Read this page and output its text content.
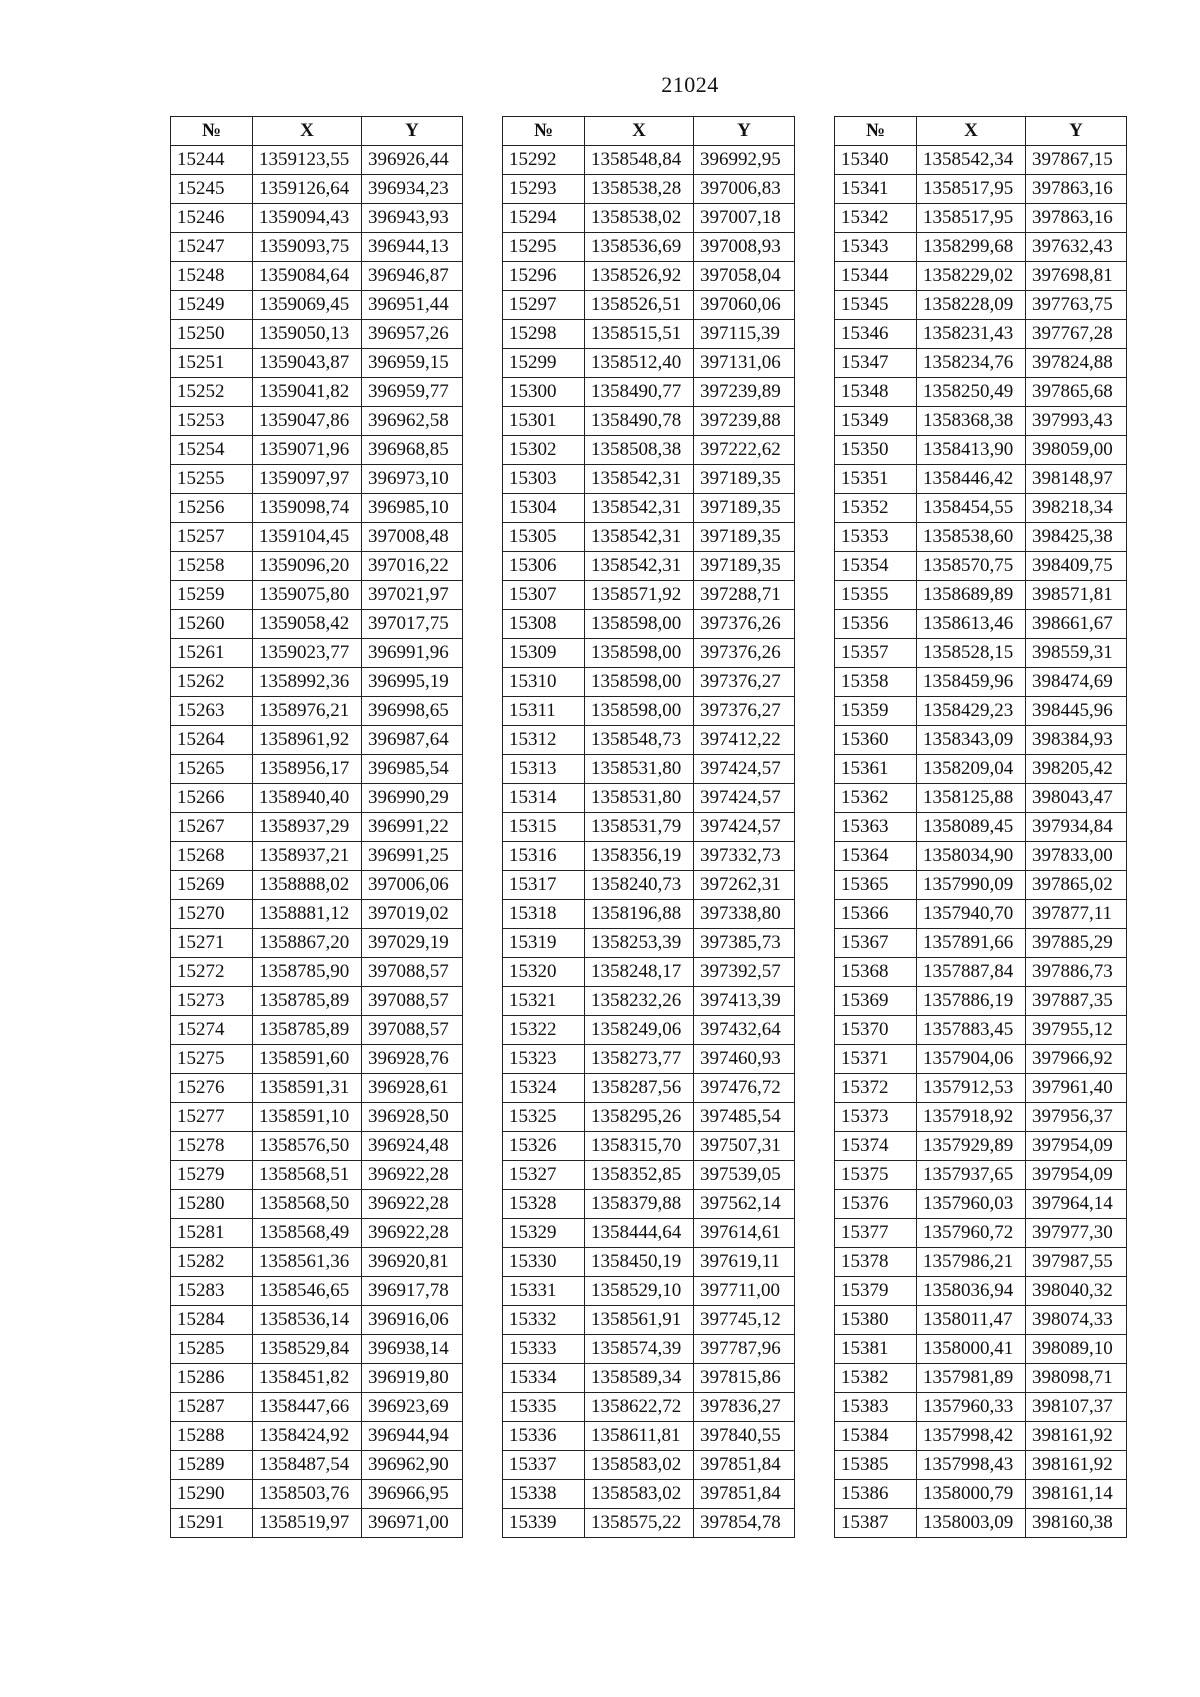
21024
№	X	Y
15244	1359123,55	396926,44
15245	1359126,64	396934,23
15246	1359094,43	396943,93
15247	1359093,75	396944,13
15248	1359084,64	396946,87
15249	1359069,45	396951,44
15250	1359050,13	396957,26
15251	1359043,87	396959,15
15252	1359041,82	396959,77
15253	1359047,86	396962,58
15254	1359071,96	396968,85
15255	1359097,97	396973,10
15256	1359098,74	396985,10
15257	1359104,45	397008,48
15258	1359096,20	397016,22
15259	1359075,80	397021,97
15260	1359058,42	397017,75
15261	1359023,77	396991,96
15262	1358992,36	396995,19
15263	1358976,21	396998,65
15264	1358961,92	396987,64
15265	1358956,17	396985,54
15266	1358940,40	396990,29
15267	1358937,29	396991,22
15268	1358937,21	396991,25
15269	1358888,02	397006,06
15270	1358881,12	397019,02
15271	1358867,20	397029,19
15272	1358785,90	397088,57
15273	1358785,89	397088,57
15274	1358785,89	397088,57
15275	1358591,60	396928,76
15276	1358591,31	396928,61
15277	1358591,10	396928,50
15278	1358576,50	396924,48
15279	1358568,51	396922,28
15280	1358568,50	396922,28
15281	1358568,49	396922,28
15282	1358561,36	396920,81
15283	1358546,65	396917,78
15284	1358536,14	396916,06
15285	1358529,84	396938,14
15286	1358451,82	396919,80
15287	1358447,66	396923,69
15288	1358424,92	396944,94
15289	1358487,54	396962,90
15290	1358503,76	396966,95
15291	1358519,97	396971,00
№	X	Y
15292	1358548,84	396992,95
15293	1358538,28	397006,83
15294	1358538,02	397007,18
15295	1358536,69	397008,93
15296	1358526,92	397058,04
15297	1358526,51	397060,06
15298	1358515,51	397115,39
15299	1358512,40	397131,06
15300	1358490,77	397239,89
15301	1358490,78	397239,88
15302	1358508,38	397222,62
15303	1358542,31	397189,35
15304	1358542,31	397189,35
15305	1358542,31	397189,35
15306	1358542,31	397189,35
15307	1358571,92	397288,71
15308	1358598,00	397376,26
15309	1358598,00	397376,26
15310	1358598,00	397376,27
15311	1358598,00	397376,27
15312	1358548,73	397412,22
15313	1358531,80	397424,57
15314	1358531,80	397424,57
15315	1358531,79	397424,57
15316	1358356,19	397332,73
15317	1358240,73	397262,31
15318	1358196,88	397338,80
15319	1358253,39	397385,73
15320	1358248,17	397392,57
15321	1358232,26	397413,39
15322	1358249,06	397432,64
15323	1358273,77	397460,93
15324	1358287,56	397476,72
15325	1358295,26	397485,54
15326	1358315,70	397507,31
15327	1358352,85	397539,05
15328	1358379,88	397562,14
15329	1358444,64	397614,61
15330	1358450,19	397619,11
15331	1358529,10	397711,00
15332	1358561,91	397745,12
15333	1358574,39	397787,96
15334	1358589,34	397815,86
15335	1358622,72	397836,27
15336	1358611,81	397840,55
15337	1358583,02	397851,84
15338	1358583,02	397851,84
15339	1358575,22	397854,78
№	X	Y
15340	1358542,34	397867,15
15341	1358517,95	397863,16
15342	1358517,95	397863,16
15343	1358299,68	397632,43
15344	1358229,02	397698,81
15345	1358228,09	397763,75
15346	1358231,43	397767,28
15347	1358234,76	397824,88
15348	1358250,49	397865,68
15349	1358368,38	397993,43
15350	1358413,90	398059,00
15351	1358446,42	398148,97
15352	1358454,55	398218,34
15353	1358538,60	398425,38
15354	1358570,75	398409,75
15355	1358689,89	398571,81
15356	1358613,46	398661,67
15357	1358528,15	398559,31
15358	1358459,96	398474,69
15359	1358429,23	398445,96
15360	1358343,09	398384,93
15361	1358209,04	398205,42
15362	1358125,88	398043,47
15363	1358089,45	397934,84
15364	1358034,90	397833,00
15365	1357990,09	397865,02
15366	1357940,70	397877,11
15367	1357891,66	397885,29
15368	1357887,84	397886,73
15369	1357886,19	397887,35
15370	1357883,45	397955,12
15371	1357904,06	397966,92
15372	1357912,53	397961,40
15373	1357918,92	397956,37
15374	1357929,89	397954,09
15375	1357937,65	397954,09
15376	1357960,03	397964,14
15377	1357960,72	397977,30
15378	1357986,21	397987,55
15379	1358036,94	398040,32
15380	1358011,47	398074,33
15381	1358000,41	398089,10
15382	1357981,89	398098,71
15383	1357960,33	398107,37
15384	1357998,42	398161,92
15385	1357998,43	398161,92
15386	1358000,79	398161,14
15387	1358003,09	398160,38
